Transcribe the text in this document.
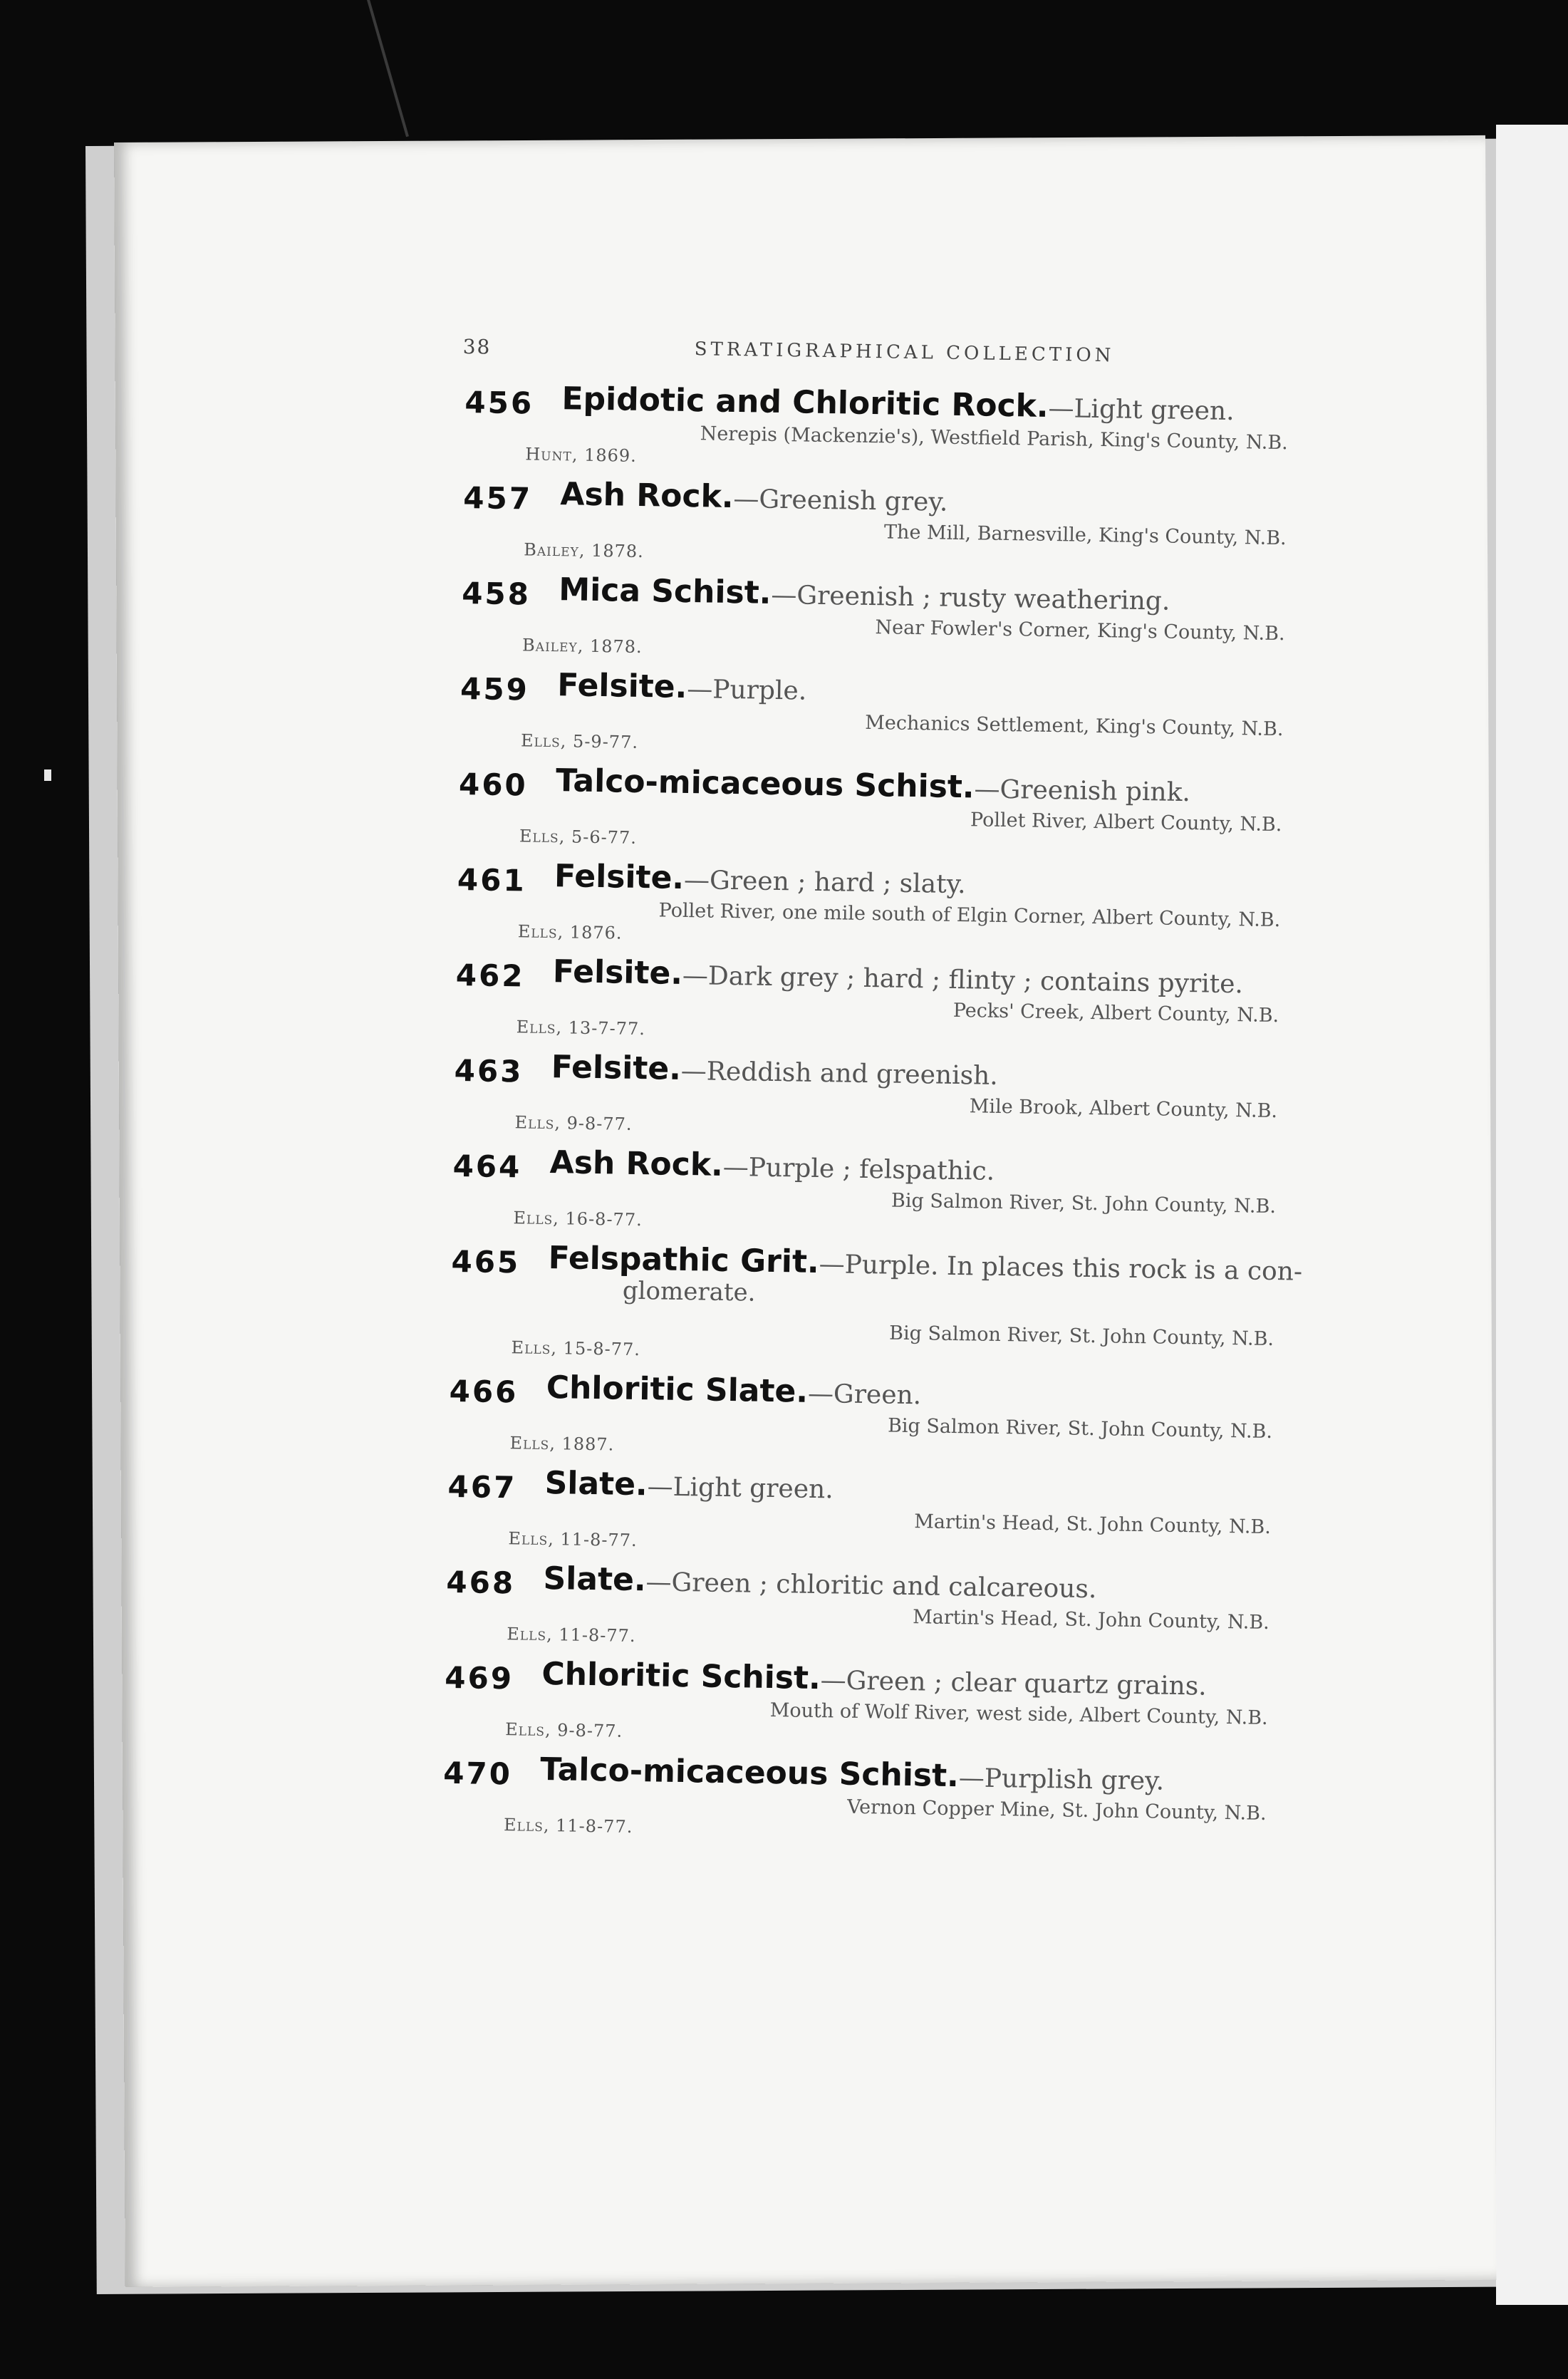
38	STRATIGRAPHICAL COLLECTION
456 Epidotic and Chloritic Rock.—Light green.
Nerepis (Mackenzie's), Westfield Parish, King's County, N.B.
Hunt, 1869.
457 Ash Rock.—Greenish grey.
The Mill, Barnesville, King's County, N.B.
Bailey, 1878.
458 Mica Schist.—Greenish ; rusty weathering.
Near Fowler's Corner, King's County, N.B.
Bailey, 1878.
459 Felsite.—Purple.
Mechanics Settlement, King's County, N.B.
Ells, 5-9-77.
460 Talco-micaceous Schist.—Greenish pink.
Pollet River, Albert County, N.B.
Ells, 5-6-77.
461 Felsite.—Green ; hard ; slaty.
Pollet River, one mile south of Elgin Corner, Albert County, N.B.
Ells, 1876.
462 Felsite.—Dark grey ; hard ; flinty ; contains pyrite.
Pecks' Creek, Albert County, N.B.
Ells, 13-7-77.
463 Felsite.—Reddish and greenish.
Mile Brook, Albert County, N.B.
Ells, 9-8-77.
464 Ash Rock.—Purple ; felspathic.
Big Salmon River, St. John County, N.B.
Ells, 16-8-77.
465 Felspathic Grit.—Purple. In places this rock is a con-
glomerate.
Big Salmon River, St. John County, N.B.
Ells, 15-8-77.
466 Chloritic Slate.—Green.
Big Salmon River, St. John County, N.B.
Ells, 1887.
467 Slate.—Light green.
Martin's Head, St. John County, N.B.
Ells, 11-8-77.
468 Slate.—Green ; chloritic and calcareous.
Martin's Head, St. John County, N.B.
Ells, 11-8-77.
469 Chloritic Schist.—Green ; clear quartz grains.
Mouth of Wolf River, west side, Albert County, N.B.
Ells, 9-8-77.
470 Talco-micaceous Schist.—Purplish grey.
Vernon Copper Mine, St. John County, N.B.
Ells, 11-8-77.
